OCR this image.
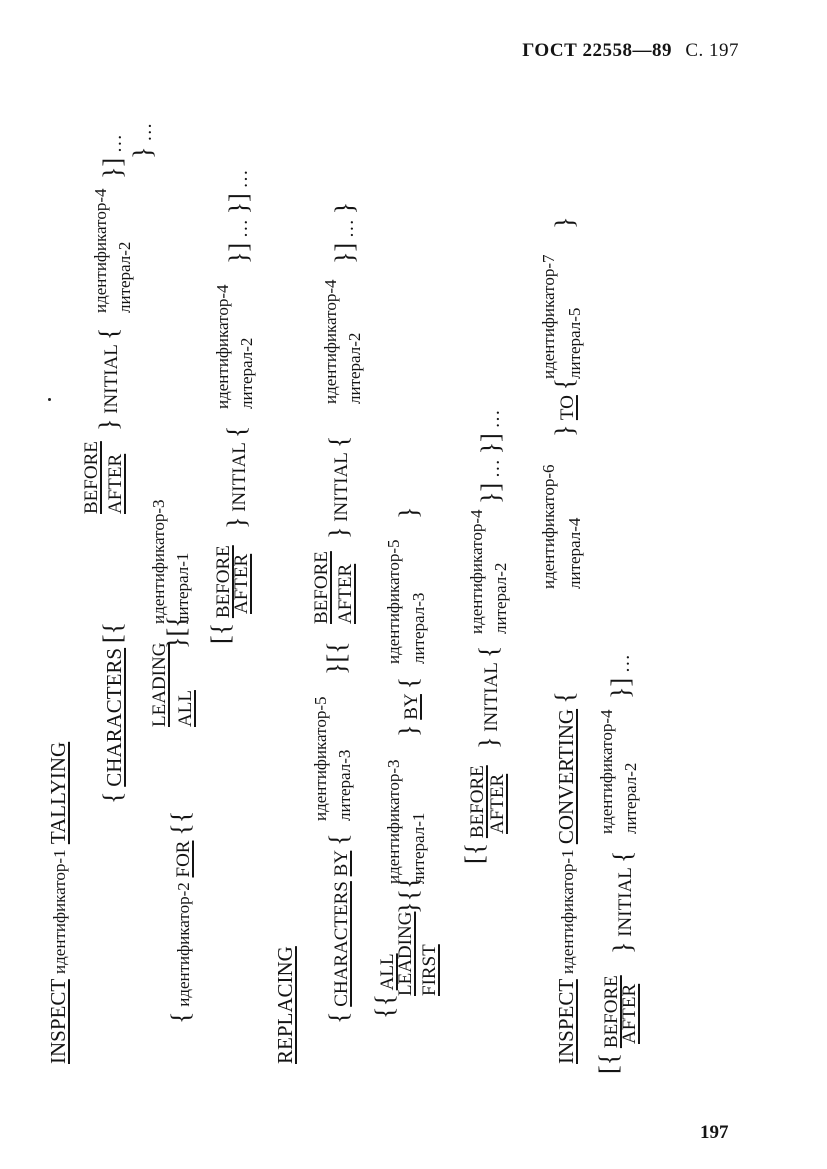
ГОСТ 22558—89 С. 197
INSPECT идентификатор-1 TALLYING { CHARACTERS [{
BEFORE AFTER
} INITIAL {
идентификатор-4 литерал-2
}] …
{ идентификатор-2 FOR {{
LEADING ALL
}[{
идентификатор-3 литерал-1
[{ BEFORE
AFTER
} INITIAL {
идентификатор-4 литерал-2
}] … }] …
} …
REPLACING { CHARACTERS BY {
идентификатор-5 литерал-3
}[{
BEFORE AFTER
} INITIAL {
идентификатор-4 литерал-2
}] … }
{{ ALL
LEADING FIRST
}{{
идентификатор-3 литерал-1
} BY {
идентификатор-5 литерал-3
}
[{ BEFORE AFTER
} INITIAL {
идентификатор-4 литерал-2
}] … }] …
INSPECT идентификатор-1 CONVERTING {
идентификатор-6 литерал-4
} TO {
идентификатор-7 литерал-5
}
[{ BEFORE
AFTER
} INITIAL {
идентификатор-4 литерал-2
}] …
197
